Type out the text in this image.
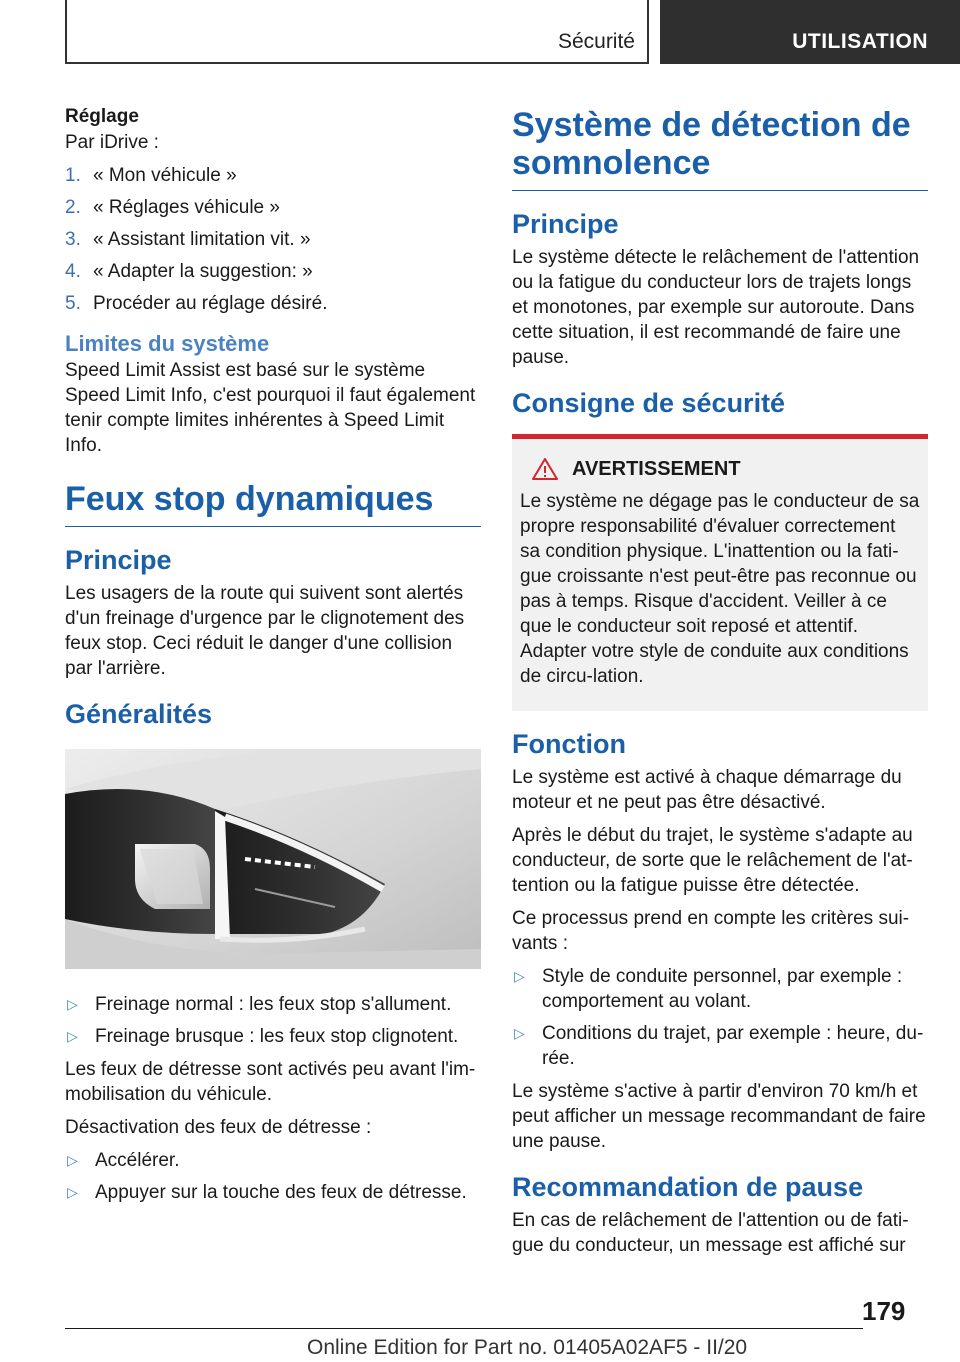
Sécurité	UTILISATION
Réglage

Par iDrive :

1. « Mon véhicule »
2. « Réglages véhicule »
3. « Assistant limitation vit. »
4. « Adapter la suggestion: »
5. Procéder au réglage désiré.
Limites du système

Speed Limit Assist est basé sur le système Speed Limit Info, c'est pourquoi il faut également tenir compte limites inhérentes à Speed Limit Info.

Feux stop dynamiques
Principe

Les usagers de la route qui suivent sont alertés d'un freinage d'urgence par le clignotement des feux stop. Ceci réduit le danger d'une collision par l'arrière.

Généralités
▷ Freinage normal : les feux stop s'allument.
▷ Freinage brusque : les feux stop clignotent.

Les feux de détresse sont activés peu avant l'im‐mobilisation du véhicule.

Désactivation des feux de détresse :

▷ Accélérer.
▷ Appuyer sur la touche des feux de détresse.
Système de détection de somnolence
Principe

Le système détecte le relâchement de l'attention ou la fatigue du conducteur lors de trajets longs et monotones, par exemple sur autoroute. Dans cette situation, il est recommandé de faire une pause.

Consigne de sécurité
AVERTISSEMENT

Le système ne dégage pas le conducteur de sa propre responsabilité d'évaluer correctement sa condition physique. L'inattention ou la fati‐gue croissante n'est peut-être pas reconnue ou pas à temps. Risque d'accident. Veiller à ce que le conducteur soit reposé et attentif. Adapter votre style de conduite aux conditions de circu‐lation.

Fonction

Le système est activé à chaque démarrage du moteur et ne peut pas être désactivé.

Après le début du trajet, le système s'adapte au conducteur, de sorte que le relâchement de l'at‐tention ou la fatigue puisse être détectée.

Ce processus prend en compte les critères sui‐vants :

▷ Style de conduite personnel, par exemple : comportement au volant.
▷ Conditions du trajet, par exemple : heure, du‐rée.

Le système s'active à partir d'environ 70 km/h et peut afficher un message recommandant de faire une pause.

Recommandation de pause

En cas de relâchement de l'attention ou de fati‐gue du conducteur, un message est affiché sur

179
Online Edition for Part no. 01405A02AF5 - II/20
